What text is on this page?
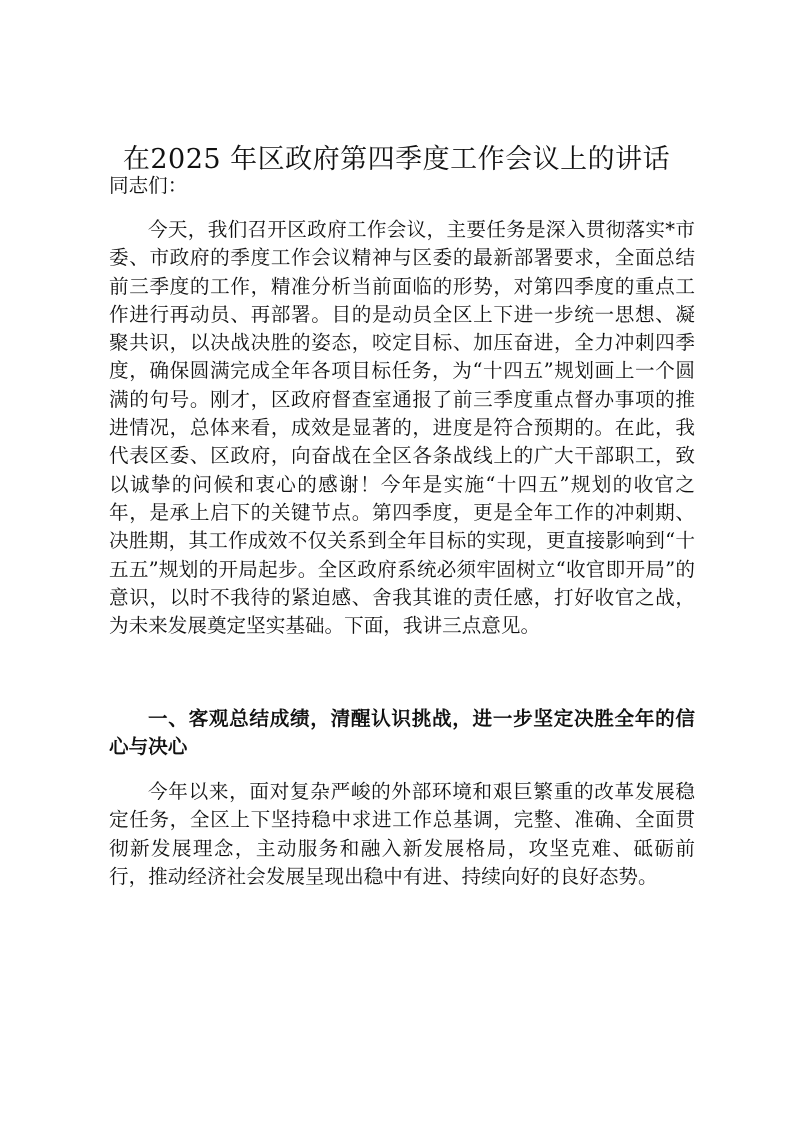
在2025 年区政府第四季度工作会议上的讲话
同志们：
今天，我们召开区政府工作会议，主要任务是深入贯彻落实*市委、市政府的季度工作会议精神与区委的最新部署要求，全面总结前三季度的工作，精准分析当前面临的形势，对第四季度的重点工作进行再动员、再部署。目的是动员全区上下进一步统一思想、凝聚共识，以决战决胜的姿态，咬定目标、加压奋进，全力冲刺四季度，确保圆满完成全年各项目标任务，为“十四五”规划画上一个圆满的句号。刚才，区政府督查室通报了前三季度重点督办事项的推进情况，总体来看，成效是显著的，进度是符合预期的。在此，我代表区委、区政府，向奋战在全区各条战线上的广大干部职工，致以诚挚的问候和衷心的感谢！今年是实施“十四五”规划的收官之年，是承上启下的关键节点。第四季度，更是全年工作的冲刺期、决胜期，其工作成效不仅关系到全年目标的实现，更直接影响到“十五五”规划的开局起步。全区政府系统必须牢固树立“收官即开局”的意识，以时不我待的紧迫感、舍我其谁的责任感，打好收官之战，为未来发展奠定坚实基础。下面，我讲三点意见。
一、客观总结成绩，清醒认识挑战，进一步坚定决胜全年的信心与决心
今年以来，面对复杂严峻的外部环境和艰巨繁重的改革发展稳定任务，全区上下坚持稳中求进工作总基调，完整、准确、全面贯彻新发展理念，主动服务和融入新发展格局，攻坚克难、砥砺前行，推动经济社会发展呈现出稳中有进、持续向好的良好态势。
